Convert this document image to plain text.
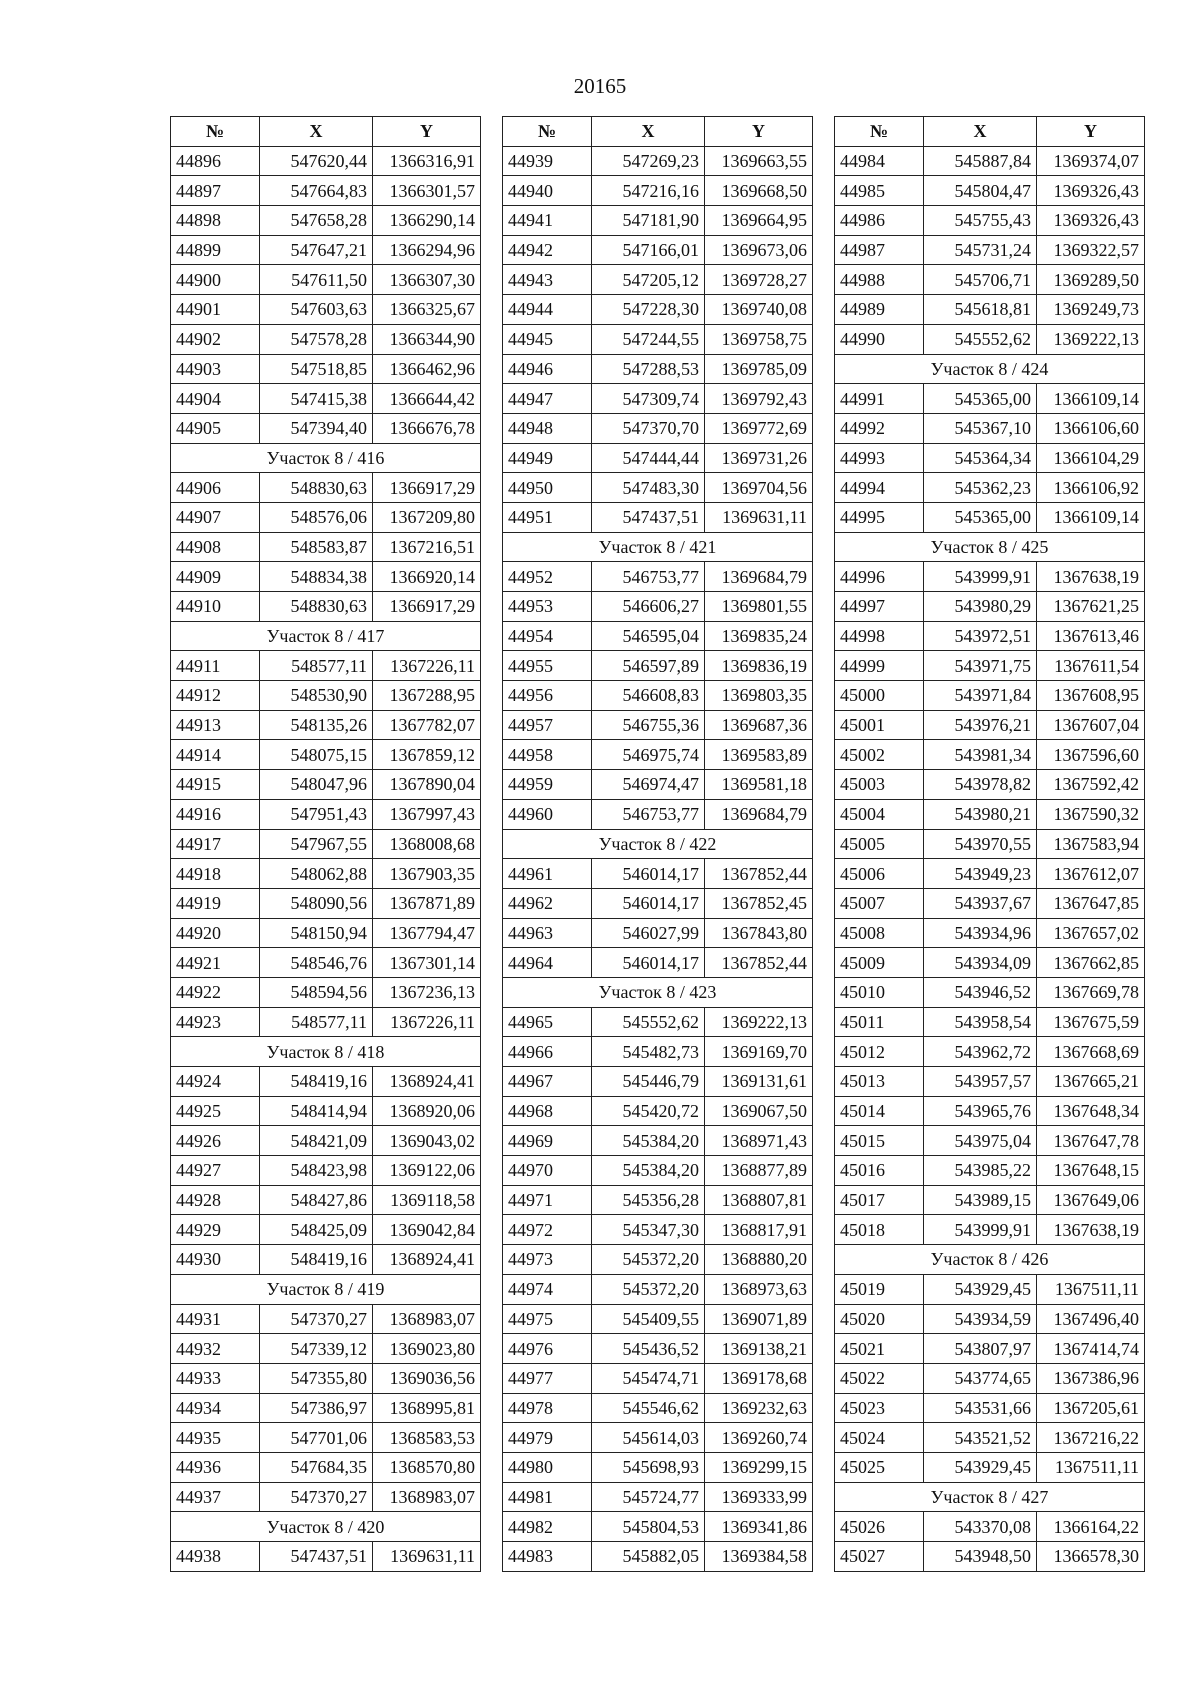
20165
№	X	Y
44896	547620,44	1366316,91
44897	547664,83	1366301,57
44898	547658,28	1366290,14
44899	547647,21	1366294,96
44900	547611,50	1366307,30
44901	547603,63	1366325,67
44902	547578,28	1366344,90
44903	547518,85	1366462,96
44904	547415,38	1366644,42
44905	547394,40	1366676,78
Участок 8 / 416		
44906	548830,63	1366917,29
44907	548576,06	1367209,80
44908	548583,87	1367216,51
44909	548834,38	1366920,14
44910	548830,63	1366917,29
Участок 8 / 417		
44911	548577,11	1367226,11
44912	548530,90	1367288,95
44913	548135,26	1367782,07
44914	548075,15	1367859,12
44915	548047,96	1367890,04
44916	547951,43	1367997,43
44917	547967,55	1368008,68
44918	548062,88	1367903,35
44919	548090,56	1367871,89
44920	548150,94	1367794,47
44921	548546,76	1367301,14
44922	548594,56	1367236,13
44923	548577,11	1367226,11
Участок 8 / 418		
44924	548419,16	1368924,41
44925	548414,94	1368920,06
44926	548421,09	1369043,02
44927	548423,98	1369122,06
44928	548427,86	1369118,58
44929	548425,09	1369042,84
44930	548419,16	1368924,41
Участок 8 / 419		
44931	547370,27	1368983,07
44932	547339,12	1369023,80
44933	547355,80	1369036,56
44934	547386,97	1368995,81
44935	547701,06	1368583,53
44936	547684,35	1368570,80
44937	547370,27	1368983,07
Участок 8 / 420		
44938	547437,51	1369631,11
№	X	Y
44939	547269,23	1369663,55
44940	547216,16	1369668,50
44941	547181,90	1369664,95
44942	547166,01	1369673,06
44943	547205,12	1369728,27
44944	547228,30	1369740,08
44945	547244,55	1369758,75
44946	547288,53	1369785,09
44947	547309,74	1369792,43
44948	547370,70	1369772,69
44949	547444,44	1369731,26
44950	547483,30	1369704,56
44951	547437,51	1369631,11
Участок 8 / 421		
44952	546753,77	1369684,79
44953	546606,27	1369801,55
44954	546595,04	1369835,24
44955	546597,89	1369836,19
44956	546608,83	1369803,35
44957	546755,36	1369687,36
44958	546975,74	1369583,89
44959	546974,47	1369581,18
44960	546753,77	1369684,79
Участок 8 / 422		
44961	546014,17	1367852,44
44962	546014,17	1367852,45
44963	546027,99	1367843,80
44964	546014,17	1367852,44
Участок 8 / 423		
44965	545552,62	1369222,13
44966	545482,73	1369169,70
44967	545446,79	1369131,61
44968	545420,72	1369067,50
44969	545384,20	1368971,43
44970	545384,20	1368877,89
44971	545356,28	1368807,81
44972	545347,30	1368817,91
44973	545372,20	1368880,20
44974	545372,20	1368973,63
44975	545409,55	1369071,89
44976	545436,52	1369138,21
44977	545474,71	1369178,68
44978	545546,62	1369232,63
44979	545614,03	1369260,74
44980	545698,93	1369299,15
44981	545724,77	1369333,99
44982	545804,53	1369341,86
44983	545882,05	1369384,58
№	X	Y
44984	545887,84	1369374,07
44985	545804,47	1369326,43
44986	545755,43	1369326,43
44987	545731,24	1369322,57
44988	545706,71	1369289,50
44989	545618,81	1369249,73
44990	545552,62	1369222,13
Участок 8 / 424		
44991	545365,00	1366109,14
44992	545367,10	1366106,60
44993	545364,34	1366104,29
44994	545362,23	1366106,92
44995	545365,00	1366109,14
Участок 8 / 425		
44996	543999,91	1367638,19
44997	543980,29	1367621,25
44998	543972,51	1367613,46
44999	543971,75	1367611,54
45000	543971,84	1367608,95
45001	543976,21	1367607,04
45002	543981,34	1367596,60
45003	543978,82	1367592,42
45004	543980,21	1367590,32
45005	543970,55	1367583,94
45006	543949,23	1367612,07
45007	543937,67	1367647,85
45008	543934,96	1367657,02
45009	543934,09	1367662,85
45010	543946,52	1367669,78
45011	543958,54	1367675,59
45012	543962,72	1367668,69
45013	543957,57	1367665,21
45014	543965,76	1367648,34
45015	543975,04	1367647,78
45016	543985,22	1367648,15
45017	543989,15	1367649,06
45018	543999,91	1367638,19
Участок 8 / 426		
45019	543929,45	1367511,11
45020	543934,59	1367496,40
45021	543807,97	1367414,74
45022	543774,65	1367386,96
45023	543531,66	1367205,61
45024	543521,52	1367216,22
45025	543929,45	1367511,11
Участок 8 / 427		
45026	543370,08	1366164,22
45027	543948,50	1366578,30
